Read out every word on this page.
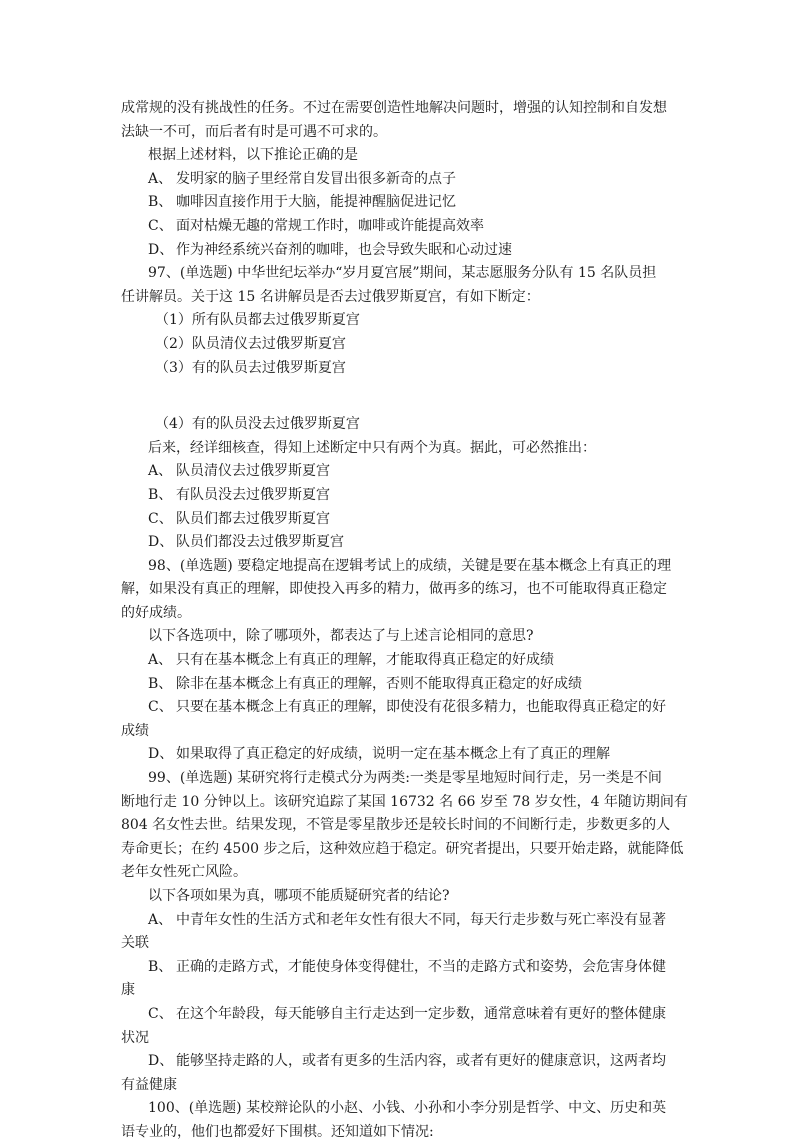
成常规的没有挑战性的任务。不过在需要创造性地解决问题时，增强的认知控制和自发想
法缺一不可，而后者有时是可遇不可求的。
根据上述材料，以下推论正确的是
A、 发明家的脑子里经常自发冒出很多新奇的点子
B、 咖啡因直接作用于大脑，能提神醒脑促进记忆
C、 面对枯燥无趣的常规工作时，咖啡或许能提高效率
D、 作为神经系统兴奋剂的咖啡，也会导致失眠和心动过速
97、(单选题) 中华世纪坛举办“岁月夏宫展”期间，某志愿服务分队有 15 名队员担
任讲解员。关于这 15 名讲解员是否去过俄罗斯夏宫，有如下断定：
（1）所有队员都去过俄罗斯夏宫
（2）队员清仪去过俄罗斯夏宫
（3）有的队员去过俄罗斯夏宫
（4）有的队员没去过俄罗斯夏宫
后来，经详细核查，得知上述断定中只有两个为真。据此，可必然推出：
A、 队员清仪去过俄罗斯夏宫
B、 有队员没去过俄罗斯夏宫
C、 队员们都去过俄罗斯夏宫
D、 队员们都没去过俄罗斯夏宫
98、(单选题) 要稳定地提高在逻辑考试上的成绩，关键是要在基本概念上有真正的理
解，如果没有真正的理解，即使投入再多的精力，做再多的练习，也不可能取得真正稳定
的好成绩。
以下各选项中，除了哪项外，都表达了与上述言论相同的意思?
A、 只有在基本概念上有真正的理解，才能取得真正稳定的好成绩
B、 除非在基本概念上有真正的理解，否则不能取得真正稳定的好成绩
C、 只要在基本概念上有真正的理解，即使没有花很多精力，也能取得真正稳定的好
成绩
D、 如果取得了真正稳定的好成绩，说明一定在基本概念上有了真正的理解
99、(单选题) 某研究将行走模式分为两类:一类是零星地短时间行走，另一类是不间
断地行走 10 分钟以上。该研究追踪了某国 16732 名 66 岁至 78 岁女性，4 年随访期间有
804 名女性去世。结果发现，不管是零星散步还是较长时间的不间断行走，步数更多的人
寿命更长；在约 4500 步之后，这种效应趋于稳定。研究者提出，只要开始走路，就能降低
老年女性死亡风险。
以下各项如果为真，哪项不能质疑研究者的结论?
A、 中青年女性的生活方式和老年女性有很大不同，每天行走步数与死亡率没有显著
关联
B、 正确的走路方式，才能使身体变得健壮，不当的走路方式和姿势，会危害身体健
康
C、 在这个年龄段，每天能够自主行走达到一定步数，通常意味着有更好的整体健康
状况
D、 能够坚持走路的人，或者有更多的生活内容，或者有更好的健康意识，这两者均
有益健康
100、(单选题) 某校辩论队的小赵、小钱、小孙和小李分别是哲学、中文、历史和英
语专业的，他们也都爱好下围棋。还知道如下情况:
